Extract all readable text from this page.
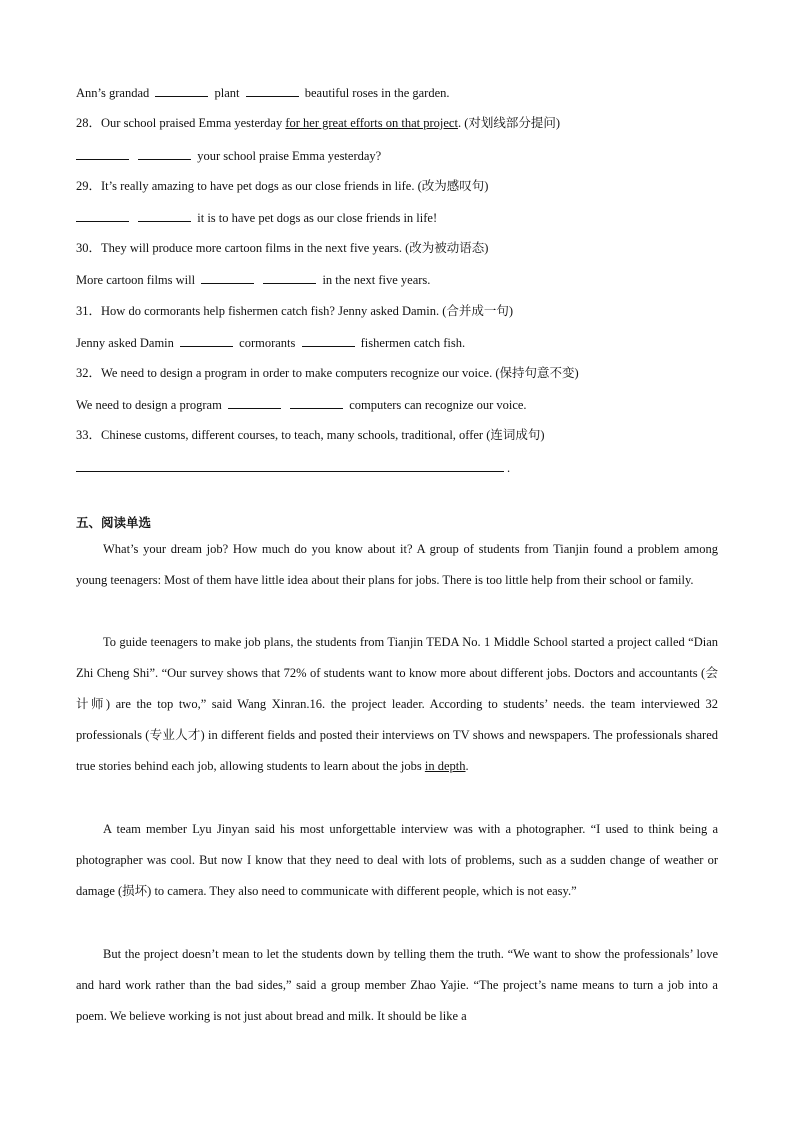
Ann’s grandad	plant	beautiful roses in the garden.
28．Our school praised Emma yesterday for her great efforts on that project. (对划线部分提问)
your school praise Emma yesterday?
29．It’s really amazing to have pet dogs as our close friends in life. (改为感叹句)
it is to have pet dogs as our close friends in life!
30．They will produce more cartoon films in the next five years. (改为被动语态)
More cartoon films will	in the next five years.
31．How do cormorants help fishermen catch fish? Jenny asked Damin. (合并成一句)
Jenny asked Damin	cormorants	fishermen catch fish.
32．We need to design a program in order to make computers recognize our voice. (保持句意不变)
We need to design a program	computers can recognize our voice.
33．Chinese customs, different courses, to teach, many schools, traditional, offer (连词成句)
.
五、阅读单选
What’s your dream job? How much do you know about it? A group of students from Tianjin found a problem among young teenagers: Most of them have little idea about their plans for jobs. There is too little help from their school or family.
To guide teenagers to make job plans, the students from Tianjin TEDA No. 1 Middle School started a project called “Dian Zhi Cheng Shi”. “Our survey shows that 72% of students want to know more about different jobs. Doctors and accountants (会计师) are the top two,” said Wang Xinran.16. the project leader. According to students’ needs. the team interviewed 32 professionals (专业人才) in different fields and posted their interviews on TV shows and newspapers. The professionals shared true stories behind each job, allowing students to learn about the jobs in depth.
A team member Lyu Jinyan said his most unforgettable interview was with a photographer. “I used to think being a photographer was cool. But now I know that they need to deal with lots of problems, such as a sudden change of weather or damage (损坏) to camera. They also need to communicate with different people, which is not easy.”
But the project doesn’t mean to let the students down by telling them the truth. “We want to show the professionals’ love and hard work rather than the bad sides,” said a group member Zhao Yajie. “The project’s name means to turn a job into a poem. We believe working is not just about bread and milk. It should be like a
